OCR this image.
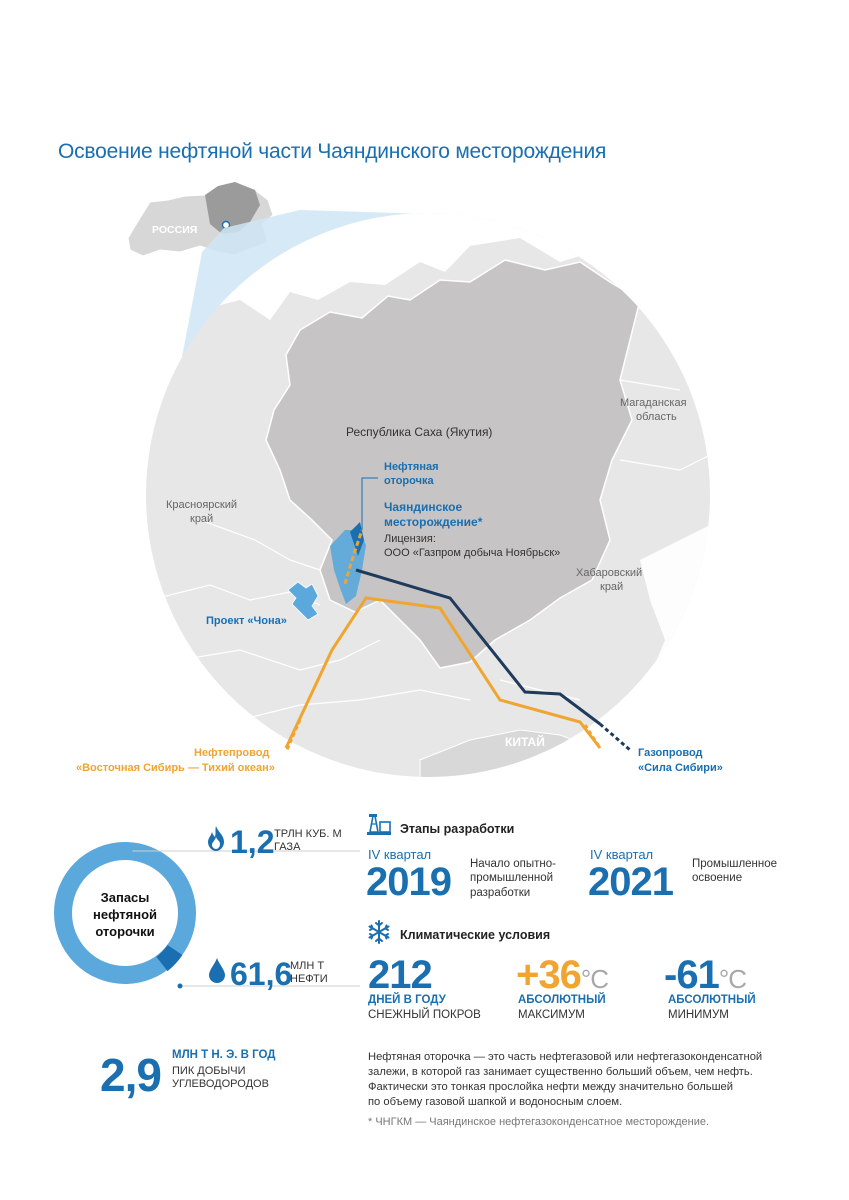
Освоение нефтяной части Чаяндинского месторождения
РОССИЯ
Республика Саха (Якутия)
Магаданская
область
Красноярский
край
Хабаровский
край
КИТАЙ
Проект «Чона»
Нефтяная
оторочка
Чаяндинское
месторождение*
Лицензия:
ООО «Газпром добыча Ноябрьск»
Нефтепровод
«Восточная Сибирь — Тихий океан»
Газопровод
«Сила Сибири»
Запасы
нефтяной
оторочки
1,2 ТРЛН КУБ. М
ГАЗА
61,6
МЛН Т
НЕФТИ
2,9 МЛН Т Н. Э. В ГОД
ПИК ДОБЫЧИ
УГЛЕВОДОРОДОВ
Этапы разработки
IV квартал
2019 Начало опытно-
промышленной
разработки
IV квартал
2021 Промышленное
освоение
Климатические условия
212
ДНЕЙ В ГОДУ
СНЕЖНЫЙ ПОКРОВ
+36°C
АБСОЛЮТНЫЙ
МАКСИМУМ
-61°C
АБСОЛЮТНЫЙ
МИНИМУМ
Нефтяная оторочка — это часть нефтегазовой или нефтегазоконденсатной
залежи, в которой газ занимает существенно больший объем, чем нефть.
Фактически это тонкая прослойка нефти между значительно большей
по объему газовой шапкой и водоносным слоем.
* ЧНГКМ — Чаяндинское нефтегазоконденсатное месторождение.
